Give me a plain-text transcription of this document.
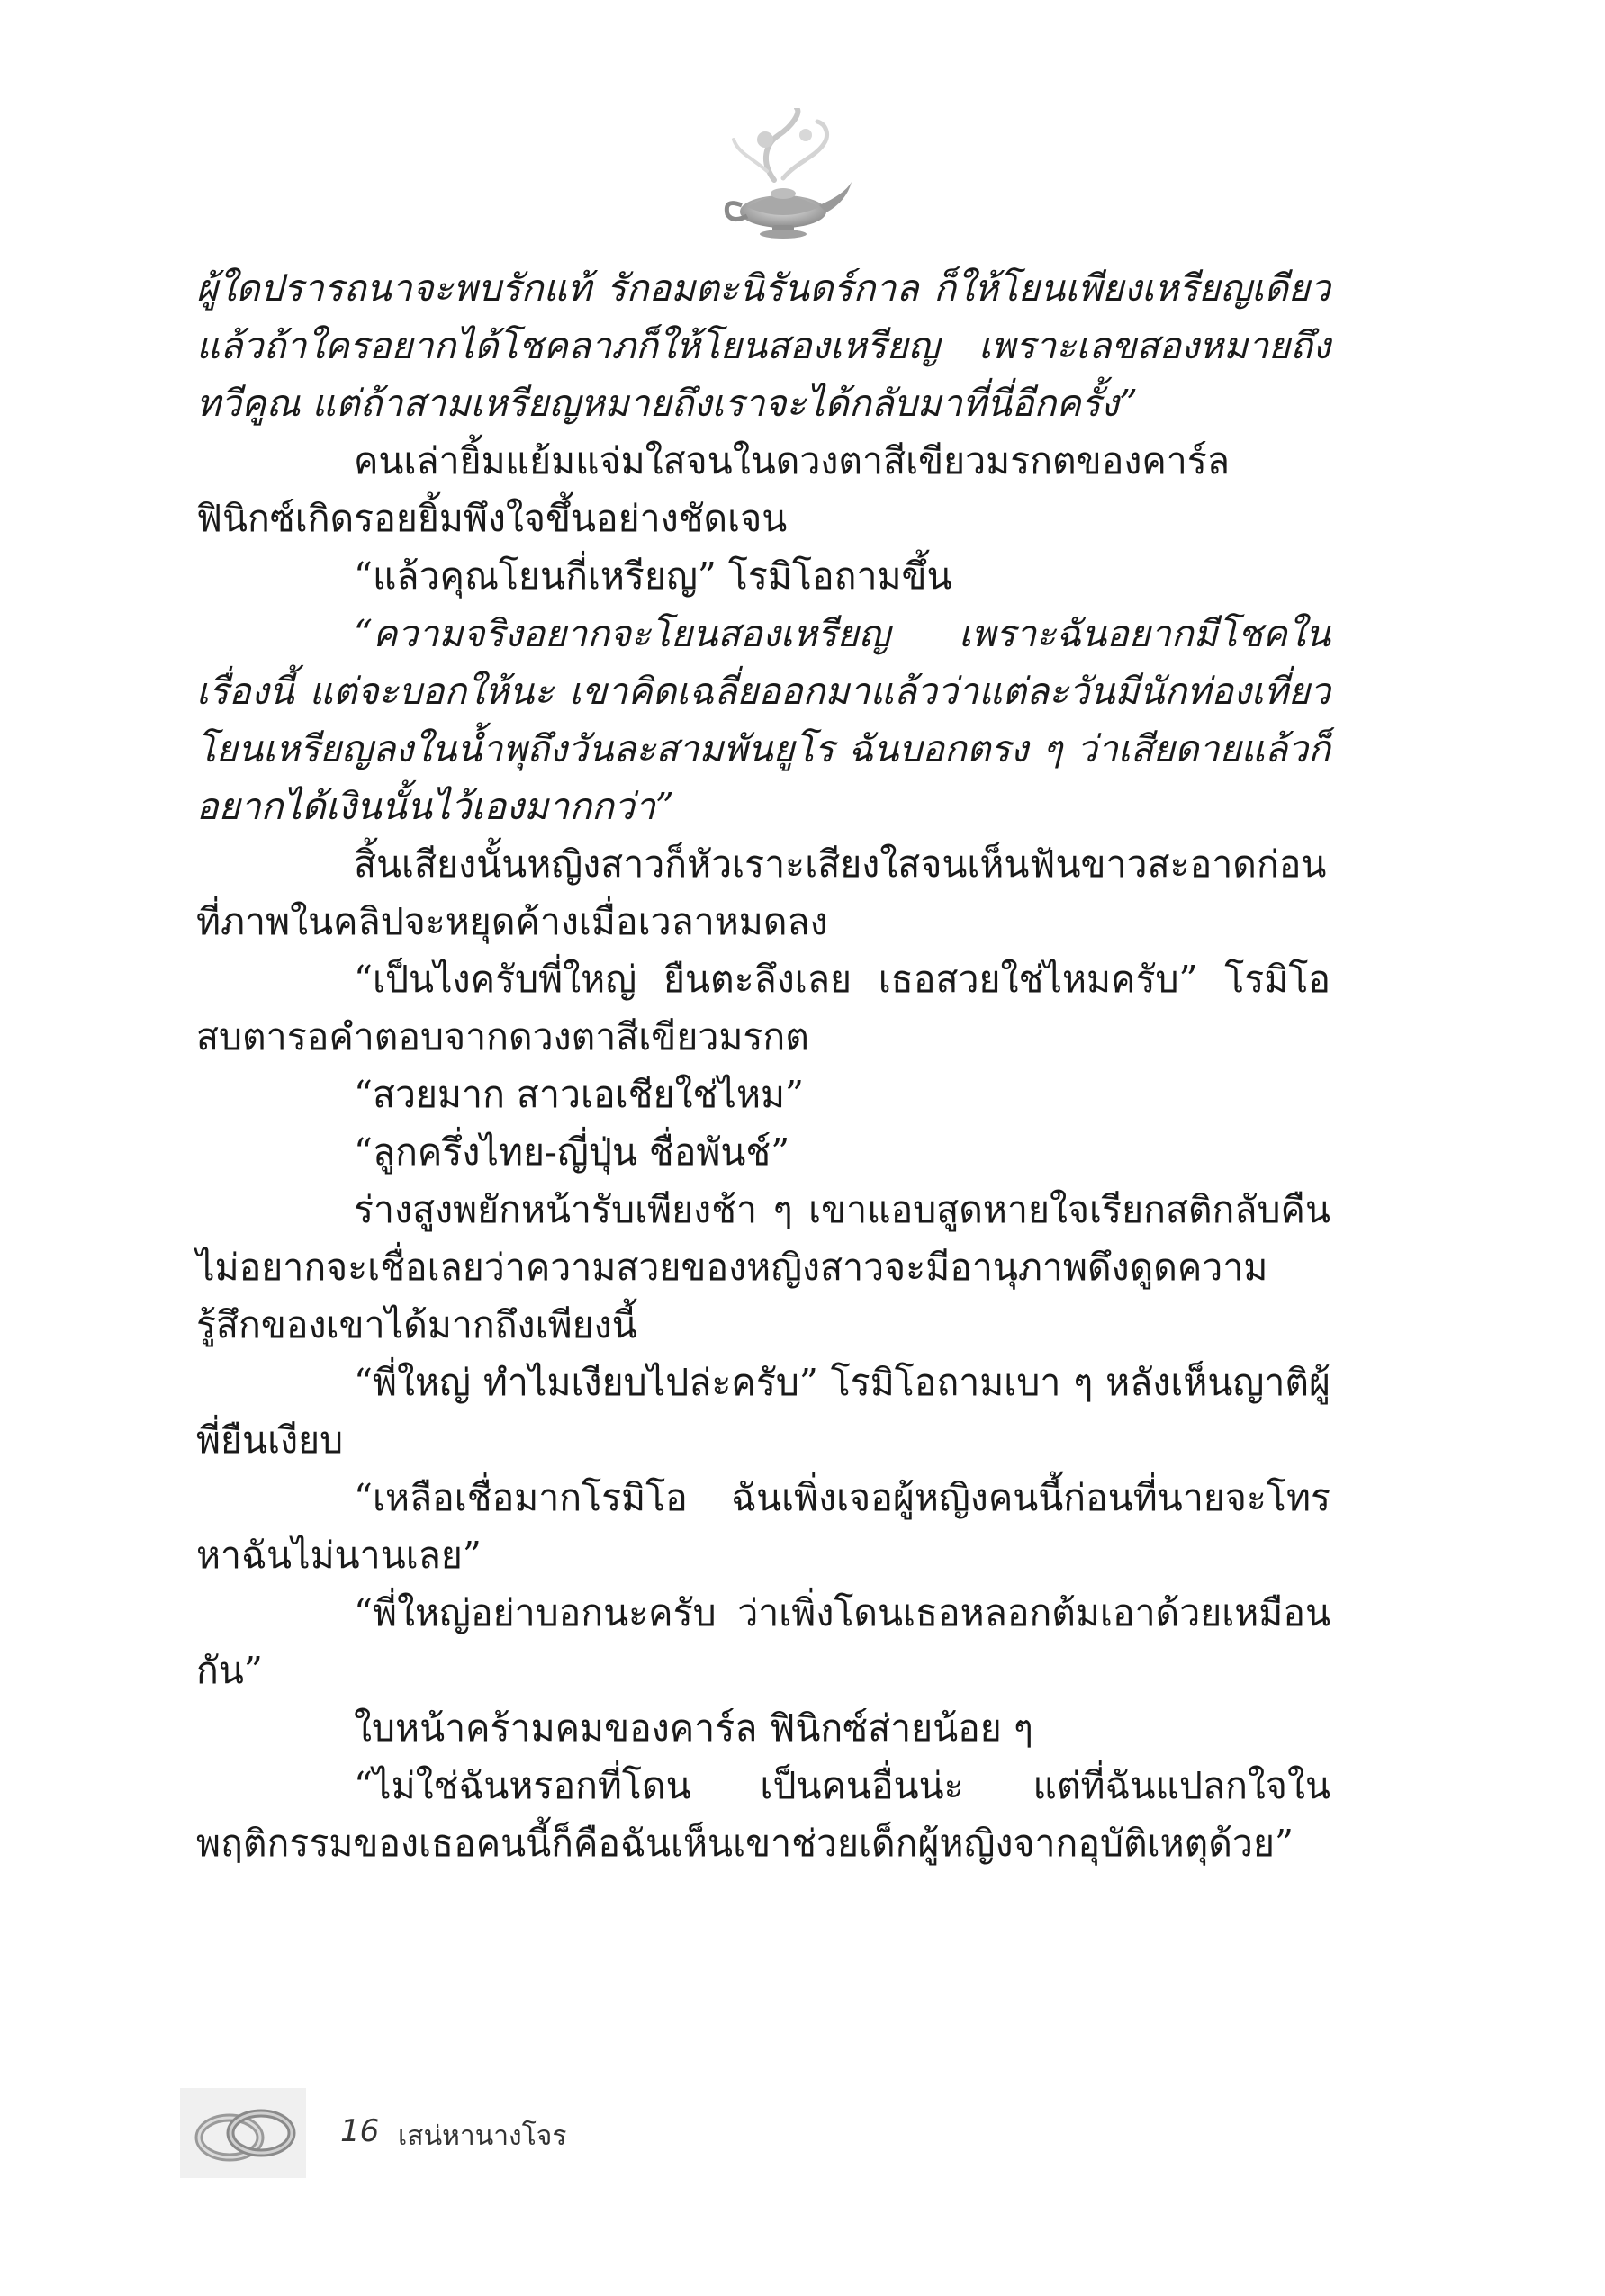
ผู้ใดปรารถนาจะพบรักแท้ รักอมตะนิรันดร์กาล ก็ให้โยนเพียงเหรียญเดียว แล้วถ้าใครอยากได้โชคลาภก็ให้โยนสองเหรียญ เพราะเลขสองหมายถึงทวีคูณ แต่ถ้าสามเหรียญหมายถึงเราจะได้กลับมาที่นี่อีกครั้ง”

คนเล่ายิ้มแย้มแจ่มใสจนในดวงตาสีเขียวมรกตของคาร์ล ฟินิกซ์เกิดรอยยิ้มพึงใจขึ้นอย่างชัดเจน

“แล้วคุณโยนกี่เหรียญ” โรมิโอถามขึ้น

“ความจริงอยากจะโยนสองเหรียญ เพราะฉันอยากมีโชคในเรื่องนี้ แต่จะบอกให้นะ เขาคิดเฉลี่ยออกมาแล้วว่าแต่ละวันมีนักท่องเที่ยวโยนเหรียญลงในน้ำพุถึงวันละสามพันยูโร ฉันบอกตรง ๆ ว่าเสียดายแล้วก็อยากได้เงินนั้นไว้เองมากกว่า”

สิ้นเสียงนั้นหญิงสาวก็หัวเราะเสียงใสจนเห็นฟันขาวสะอาดก่อนที่ภาพในคลิปจะหยุดค้างเมื่อเวลาหมดลง

“เป็นไงครับพี่ใหญ่ ยืนตะลึงเลย เธอสวยใช่ไหมครับ” โรมิโอสบตารอคำตอบจากดวงตาสีเขียวมรกต

“สวยมาก สาวเอเชียใช่ไหม”

“ลูกครึ่งไทย-ญี่ปุ่น ชื่อพันช์”

ร่างสูงพยักหน้ารับเพียงช้า ๆ เขาแอบสูดหายใจเรียกสติกลับคืนไม่อยากจะเชื่อเลยว่าความสวยของหญิงสาวจะมีอานุภาพดึงดูดความรู้สึกของเขาได้มากถึงเพียงนี้

“พี่ใหญ่ ทำไมเงียบไปล่ะครับ” โรมิโอถามเบา ๆ หลังเห็นญาติผู้พี่ยืนเงียบ

“เหลือเชื่อมากโรมิโอ ฉันเพิ่งเจอผู้หญิงคนนี้ก่อนที่นายจะโทรหาฉันไม่นานเลย”

“พี่ใหญ่อย่าบอกนะครับ ว่าเพิ่งโดนเธอหลอกต้มเอาด้วยเหมือนกัน”

ใบหน้าคร้ามคมของคาร์ล ฟินิกซ์ส่ายน้อย ๆ

“ไม่ใช่ฉันหรอกที่โดน เป็นคนอื่นน่ะ แต่ที่ฉันแปลกใจในพฤติกรรมของเธอคนนี้ก็คือฉันเห็นเขาช่วยเด็กผู้หญิงจากอุบัติเหตุด้วย”

16 เสน่หานางโจร
